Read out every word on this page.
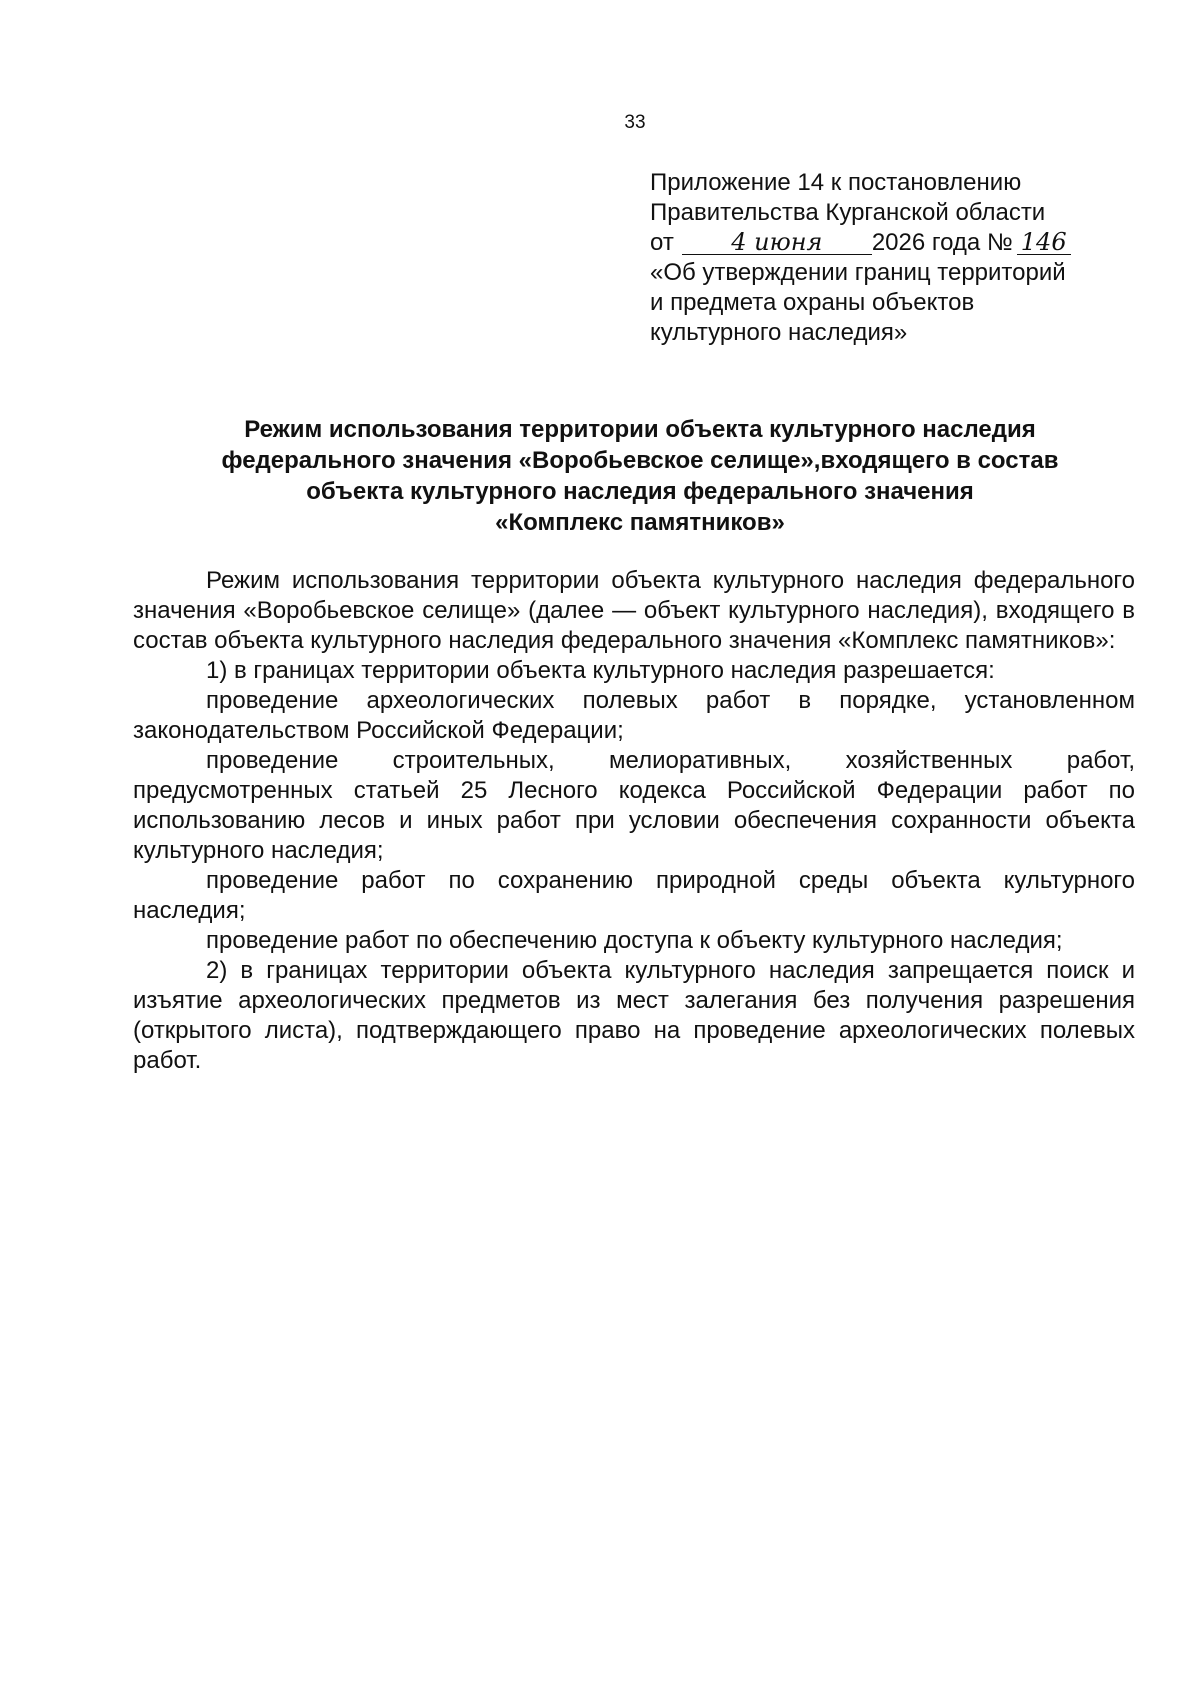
33
Приложение 14 к постановлению
Правительства Курганской области
от 4 июня 2026 года № 146
«Об утверждении границ территорий
и предмета охраны объектов
культурного наследия»
Режим использования территории объекта культурного наследия
федерального значения «Воробьевское селище»,входящего в состав
объекта культурного наследия федерального значения
«Комплекс памятников»

Режим использования территории объекта культурного наследия федерального значения «Воробьевское селище» (далее — объект культурного наследия), входящего в состав объекта культурного наследия федерального значения «Комплекс памятников»:

1) в границах территории объекта культурного наследия разрешается:

проведение археологических полевых работ в порядке, установленном законодательством Российской Федерации;

проведение строительных, мелиоративных, хозяйственных работ, предусмотренных статьей 25 Лесного кодекса Российской Федерации работ по использованию лесов и иных работ при условии обеспечения сохранности объекта культурного наследия;

проведение работ по сохранению природной среды объекта культурного наследия;

проведение работ по обеспечению доступа к объекту культурного наследия;

2) в границах территории объекта культурного наследия запрещается поиск и изъятие археологических предметов из мест залегания без получения разрешения (открытого листа), подтверждающего право на проведение археологических полевых работ.
